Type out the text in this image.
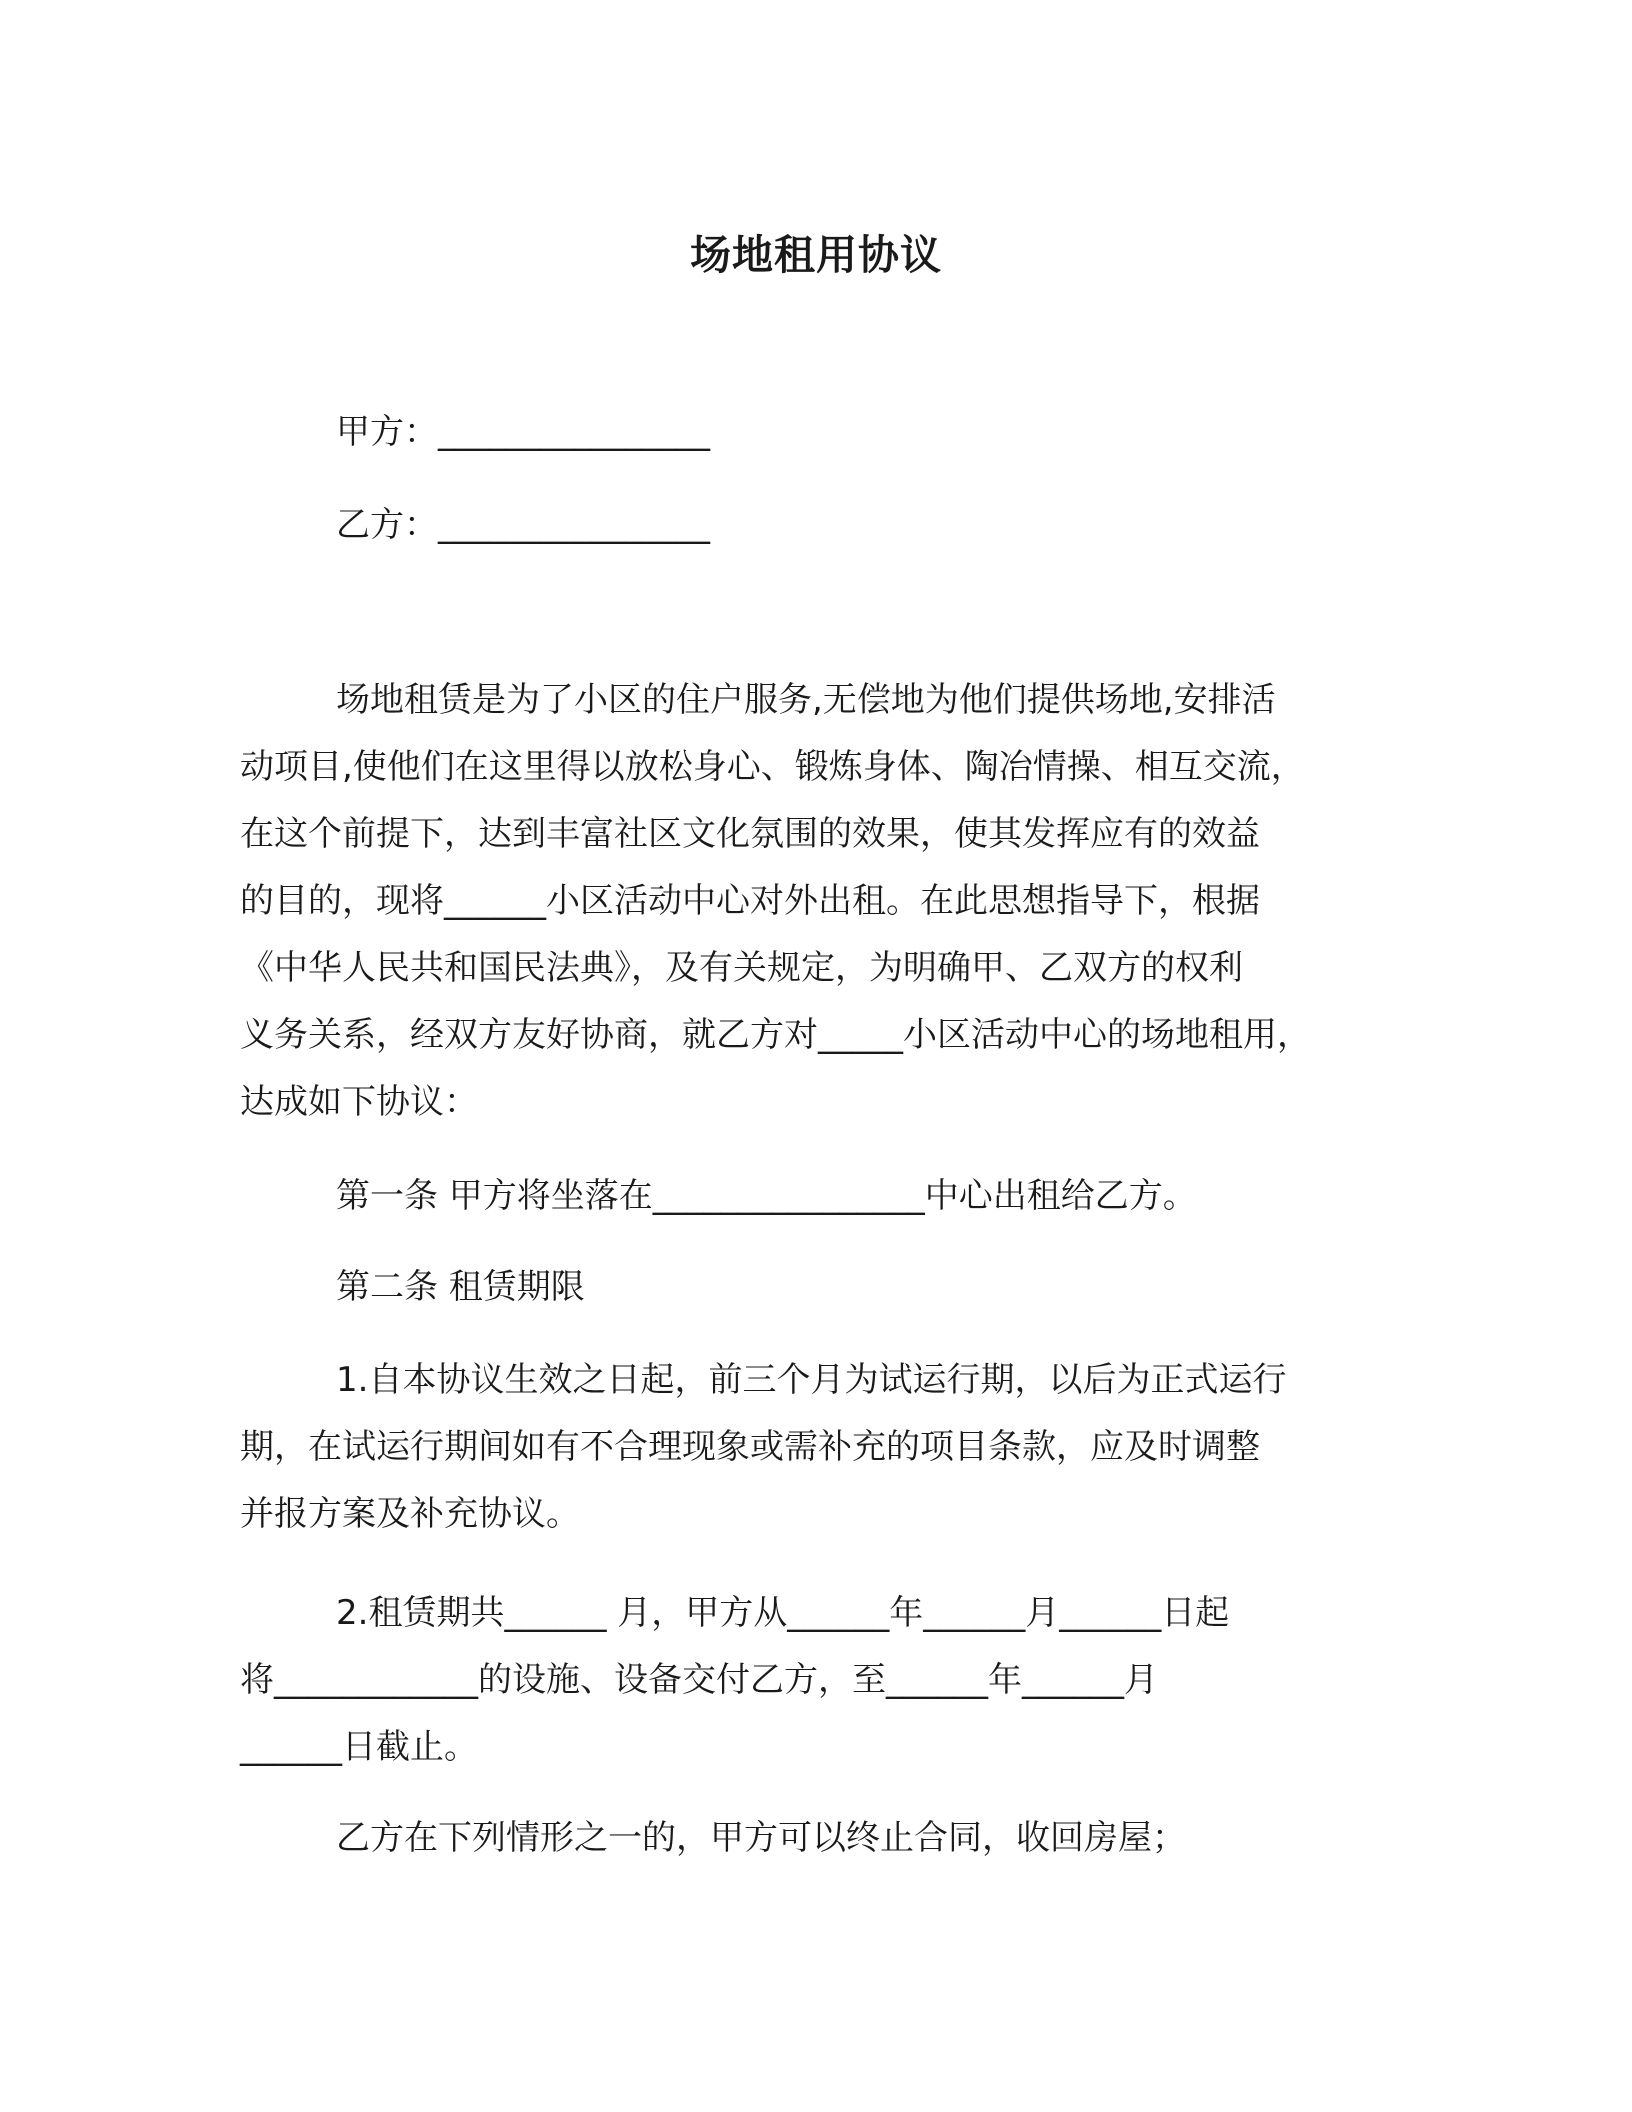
场地租用协议

甲方：________________

乙方：________________

场地租赁是为了小区的住户服务,无偿地为他们提供场地,安排活
动项目,使他们在这里得以放松身心、锻炼身体、陶冶情操、相互交流，
在这个前提下，达到丰富社区文化氛围的效果，使其发挥应有的效益
的目的，现将______小区活动中心对外出租。在此思想指导下，根据
《中华人民共和国民法典》，及有关规定，为明确甲、乙双方的权利
义务关系，经双方友好协商，就乙方对_____小区活动中心的场地租用，
达成如下协议：

第一条 甲方将坐落在________________中心出租给乙方。

第二条 租赁期限

1.自本协议生效之日起，前三个月为试运行期，以后为正式运行
期，在试运行期间如有不合理现象或需补充的项目条款，应及时调整
并报方案及补充协议。
2.租赁期共______ 月，甲方从______年______月______日起
将____________的设施、设备交付乙方，至______年______月
______日截止。

乙方在下列情形之一的，甲方可以终止合同，收回房屋；
